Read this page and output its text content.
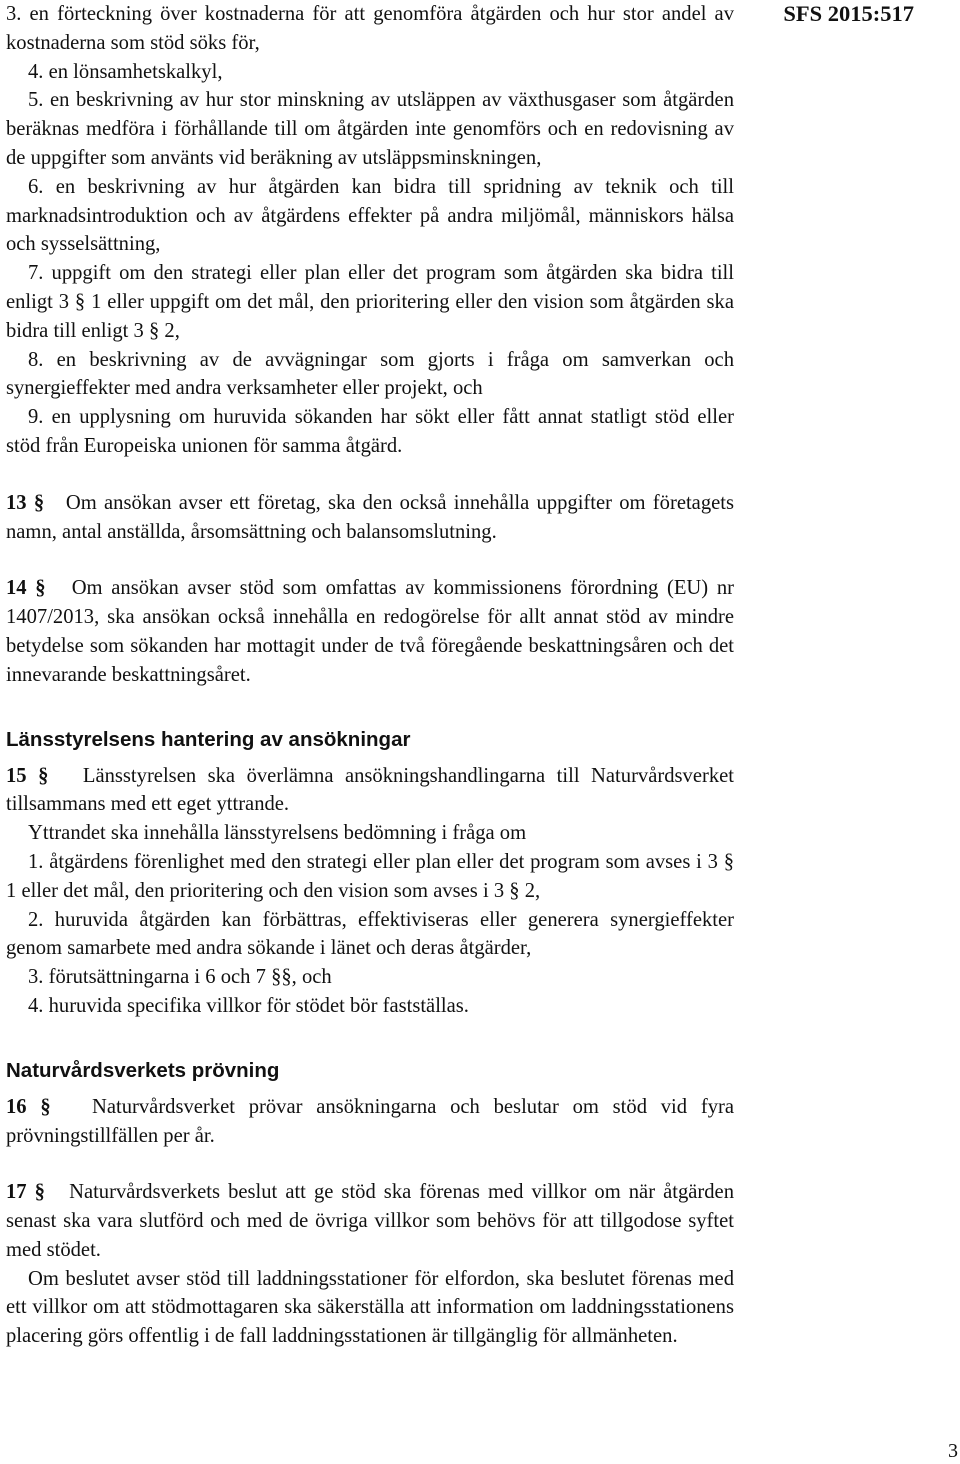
SFS 2015:517

3. en förteckning över kostnaderna för att genomföra åtgärden och hur stor andel av kostnaderna som stöd söks för,

4. en lönsamhetskalkyl,

5. en beskrivning av hur stor minskning av utsläppen av växthusgaser som åtgärden beräknas medföra i förhållande till om åtgärden inte genomförs och en redovisning av de uppgifter som använts vid beräkning av utsläppsminskningen,

6. en beskrivning av hur åtgärden kan bidra till spridning av teknik och till marknadsintroduktion och av åtgärdens effekter på andra miljömål, människors hälsa och sysselsättning,

7. uppgift om den strategi eller plan eller det program som åtgärden ska bidra till enligt 3 § 1 eller uppgift om det mål, den prioritering eller den vision som åtgärden ska bidra till enligt 3 § 2,

8. en beskrivning av de avvägningar som gjorts i fråga om samverkan och synergieffekter med andra verksamheter eller projekt, och

9. en upplysning om huruvida sökanden har sökt eller fått annat statligt stöd eller stöd från Europeiska unionen för samma åtgärd.

13 § Om ansökan avser ett företag, ska den också innehålla uppgifter om företagets namn, antal anställda, årsomsättning och balansomslutning.

14 § Om ansökan avser stöd som omfattas av kommissionens förordning (EU) nr 1407/2013, ska ansökan också innehålla en redogörelse för allt annat stöd av mindre betydelse som sökanden har mottagit under de två föregående beskattningsåren och det innevarande beskattningsåret.

Länsstyrelsens hantering av ansökningar

15 § Länsstyrelsen ska överlämna ansökningshandlingarna till Naturvårdsverket tillsammans med ett eget yttrande.

Yttrandet ska innehålla länsstyrelsens bedömning i fråga om

1. åtgärdens förenlighet med den strategi eller plan eller det program som avses i 3 § 1 eller det mål, den prioritering och den vision som avses i 3 § 2,

2. huruvida åtgärden kan förbättras, effektiviseras eller generera synergieffekter genom samarbete med andra sökande i länet och deras åtgärder,

3. förutsättningarna i 6 och 7 §§, och

4. huruvida specifika villkor för stödet bör fastställas.

Naturvårdsverkets prövning

16 § Naturvårdsverket prövar ansökningarna och beslutar om stöd vid fyra prövningstillfällen per år.

17 § Naturvårdsverkets beslut att ge stöd ska förenas med villkor om när åtgärden senast ska vara slutförd och med de övriga villkor som behövs för att tillgodose syftet med stödet.

Om beslutet avser stöd till laddningsstationer för elfordon, ska beslutet förenas med ett villkor om att stödmottagaren ska säkerställa att information om laddningsstationens placering görs offentlig i de fall laddningsstationen är tillgänglig för allmänheten.

3
